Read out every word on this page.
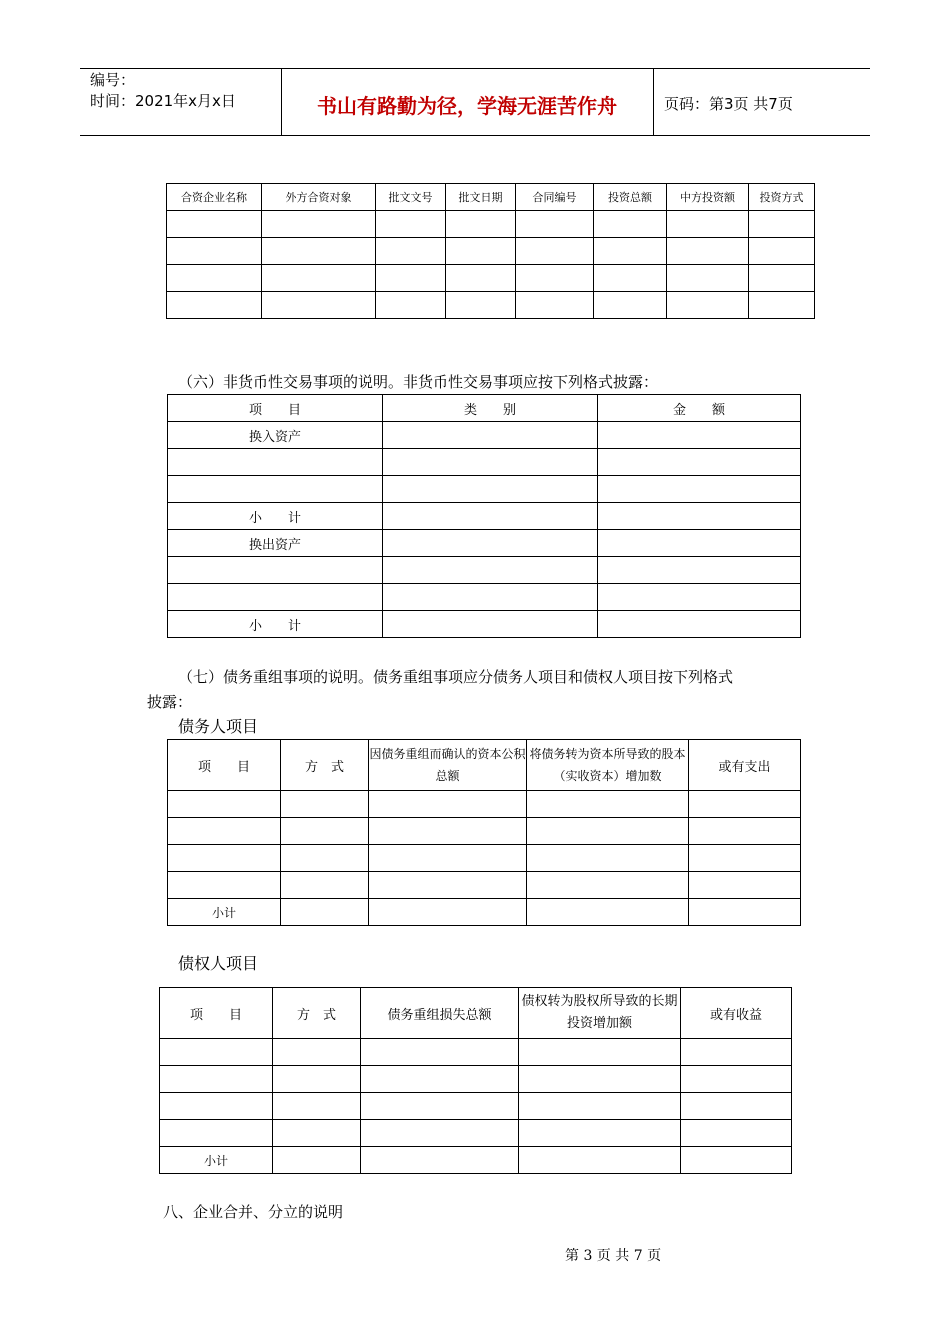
编号：
时间：2021年x月x日	书山有路勤为径，学海无涯苦作舟	页码：第3页 共7页
合资企业名称	外方合资对象	批文文号	批文日期	合同编号	投资总额	中方投资额	投资方式

（六）非货币性交易事项的说明。非货币性交易事项应按下列格式披露：
项　　目	类　　别	金　　额
换入资产		

小　　计		
换出资产		

小　　计		
（七）债务重组事项的说明。债务重组事项应分债务人项目和债权人项目按下列格式
披露：
债务人项目
项　　目	方　式	因债务重组而确认的资本公积总额	将债务转为资本所导致的股本（实收资本）增加数	或有支出

小计				
债权人项目
项　　目	方　式	债务重组损失总额	债权转为股权所导致的长期投资增加额	或有收益

小计				
八、企业合并、分立的说明
第 3 页 共 7 页
